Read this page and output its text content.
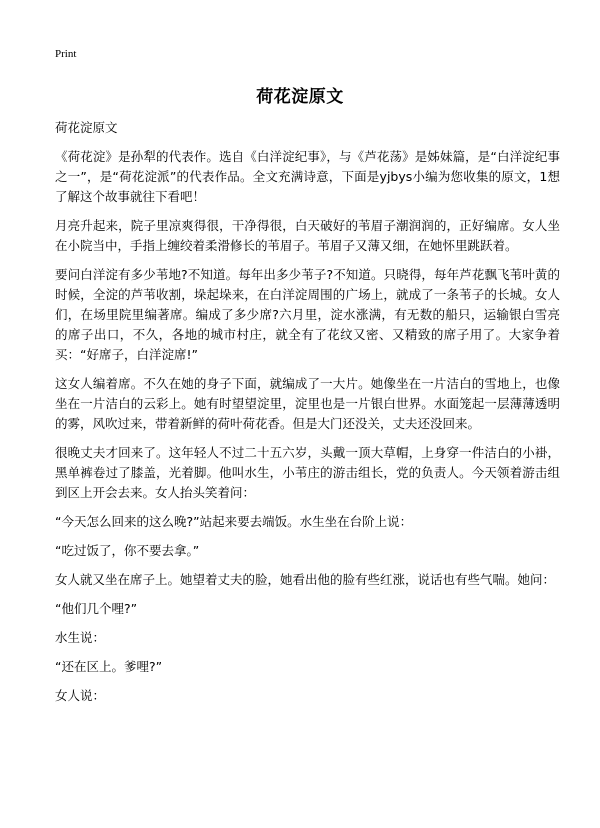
Print
荷花淀原文
荷花淀原文

《荷花淀》是孙犁的代表作。选自《白洋淀纪事》，与《芦花荡》是姊妹篇，是“白洋淀纪事之一”，是“荷花淀派”的代表作品。全文充满诗意，下面是yjbys小编为您收集的原文，1想了解这个故事就往下看吧！

月亮升起来，院子里凉爽得很，干净得很，白天破好的苇眉子潮润润的，正好编席。女人坐在小院当中，手指上缠绞着柔滑修长的苇眉子。苇眉子又薄又细，在她怀里跳跃着。

要问白洋淀有多少苇地?不知道。每年出多少苇子?不知道。只晓得，每年芦花飘飞苇叶黄的时候，全淀的芦苇收割，垛起垛来，在白洋淀周围的广场上，就成了一条苇子的长城。女人们，在场里院里编著席。编成了多少席?六月里，淀水涨满，有无数的船只，运输银白雪亮的席子出口，不久，各地的城市村庄，就全有了花纹又密、又精致的席子用了。大家争着买：“好席子，白洋淀席!”

这女人编着席。不久在她的身子下面，就编成了一大片。她像坐在一片洁白的雪地上，也像坐在一片洁白的云彩上。她有时望望淀里，淀里也是一片银白世界。水面笼起一层薄薄透明的雾，风吹过来，带着新鲜的荷叶荷花香。但是大门还没关，丈夫还没回来。

很晚丈夫才回来了。这年轻人不过二十五六岁，头戴一顶大草帽，上身穿一件洁白的小褂，黑单裤卷过了膝盖，光着脚。他叫水生，小苇庄的游击组长，党的负责人。今天领着游击组到区上开会去来。女人抬头笑着问：

“今天怎么回来的这么晚?”站起来要去端饭。水生坐在台阶上说：

“吃过饭了，你不要去拿。”

女人就又坐在席子上。她望着丈夫的脸，她看出他的脸有些红涨，说话也有些气喘。她问：

“他们几个哩?”

水生说：

“还在区上。爹哩?”

女人说：
